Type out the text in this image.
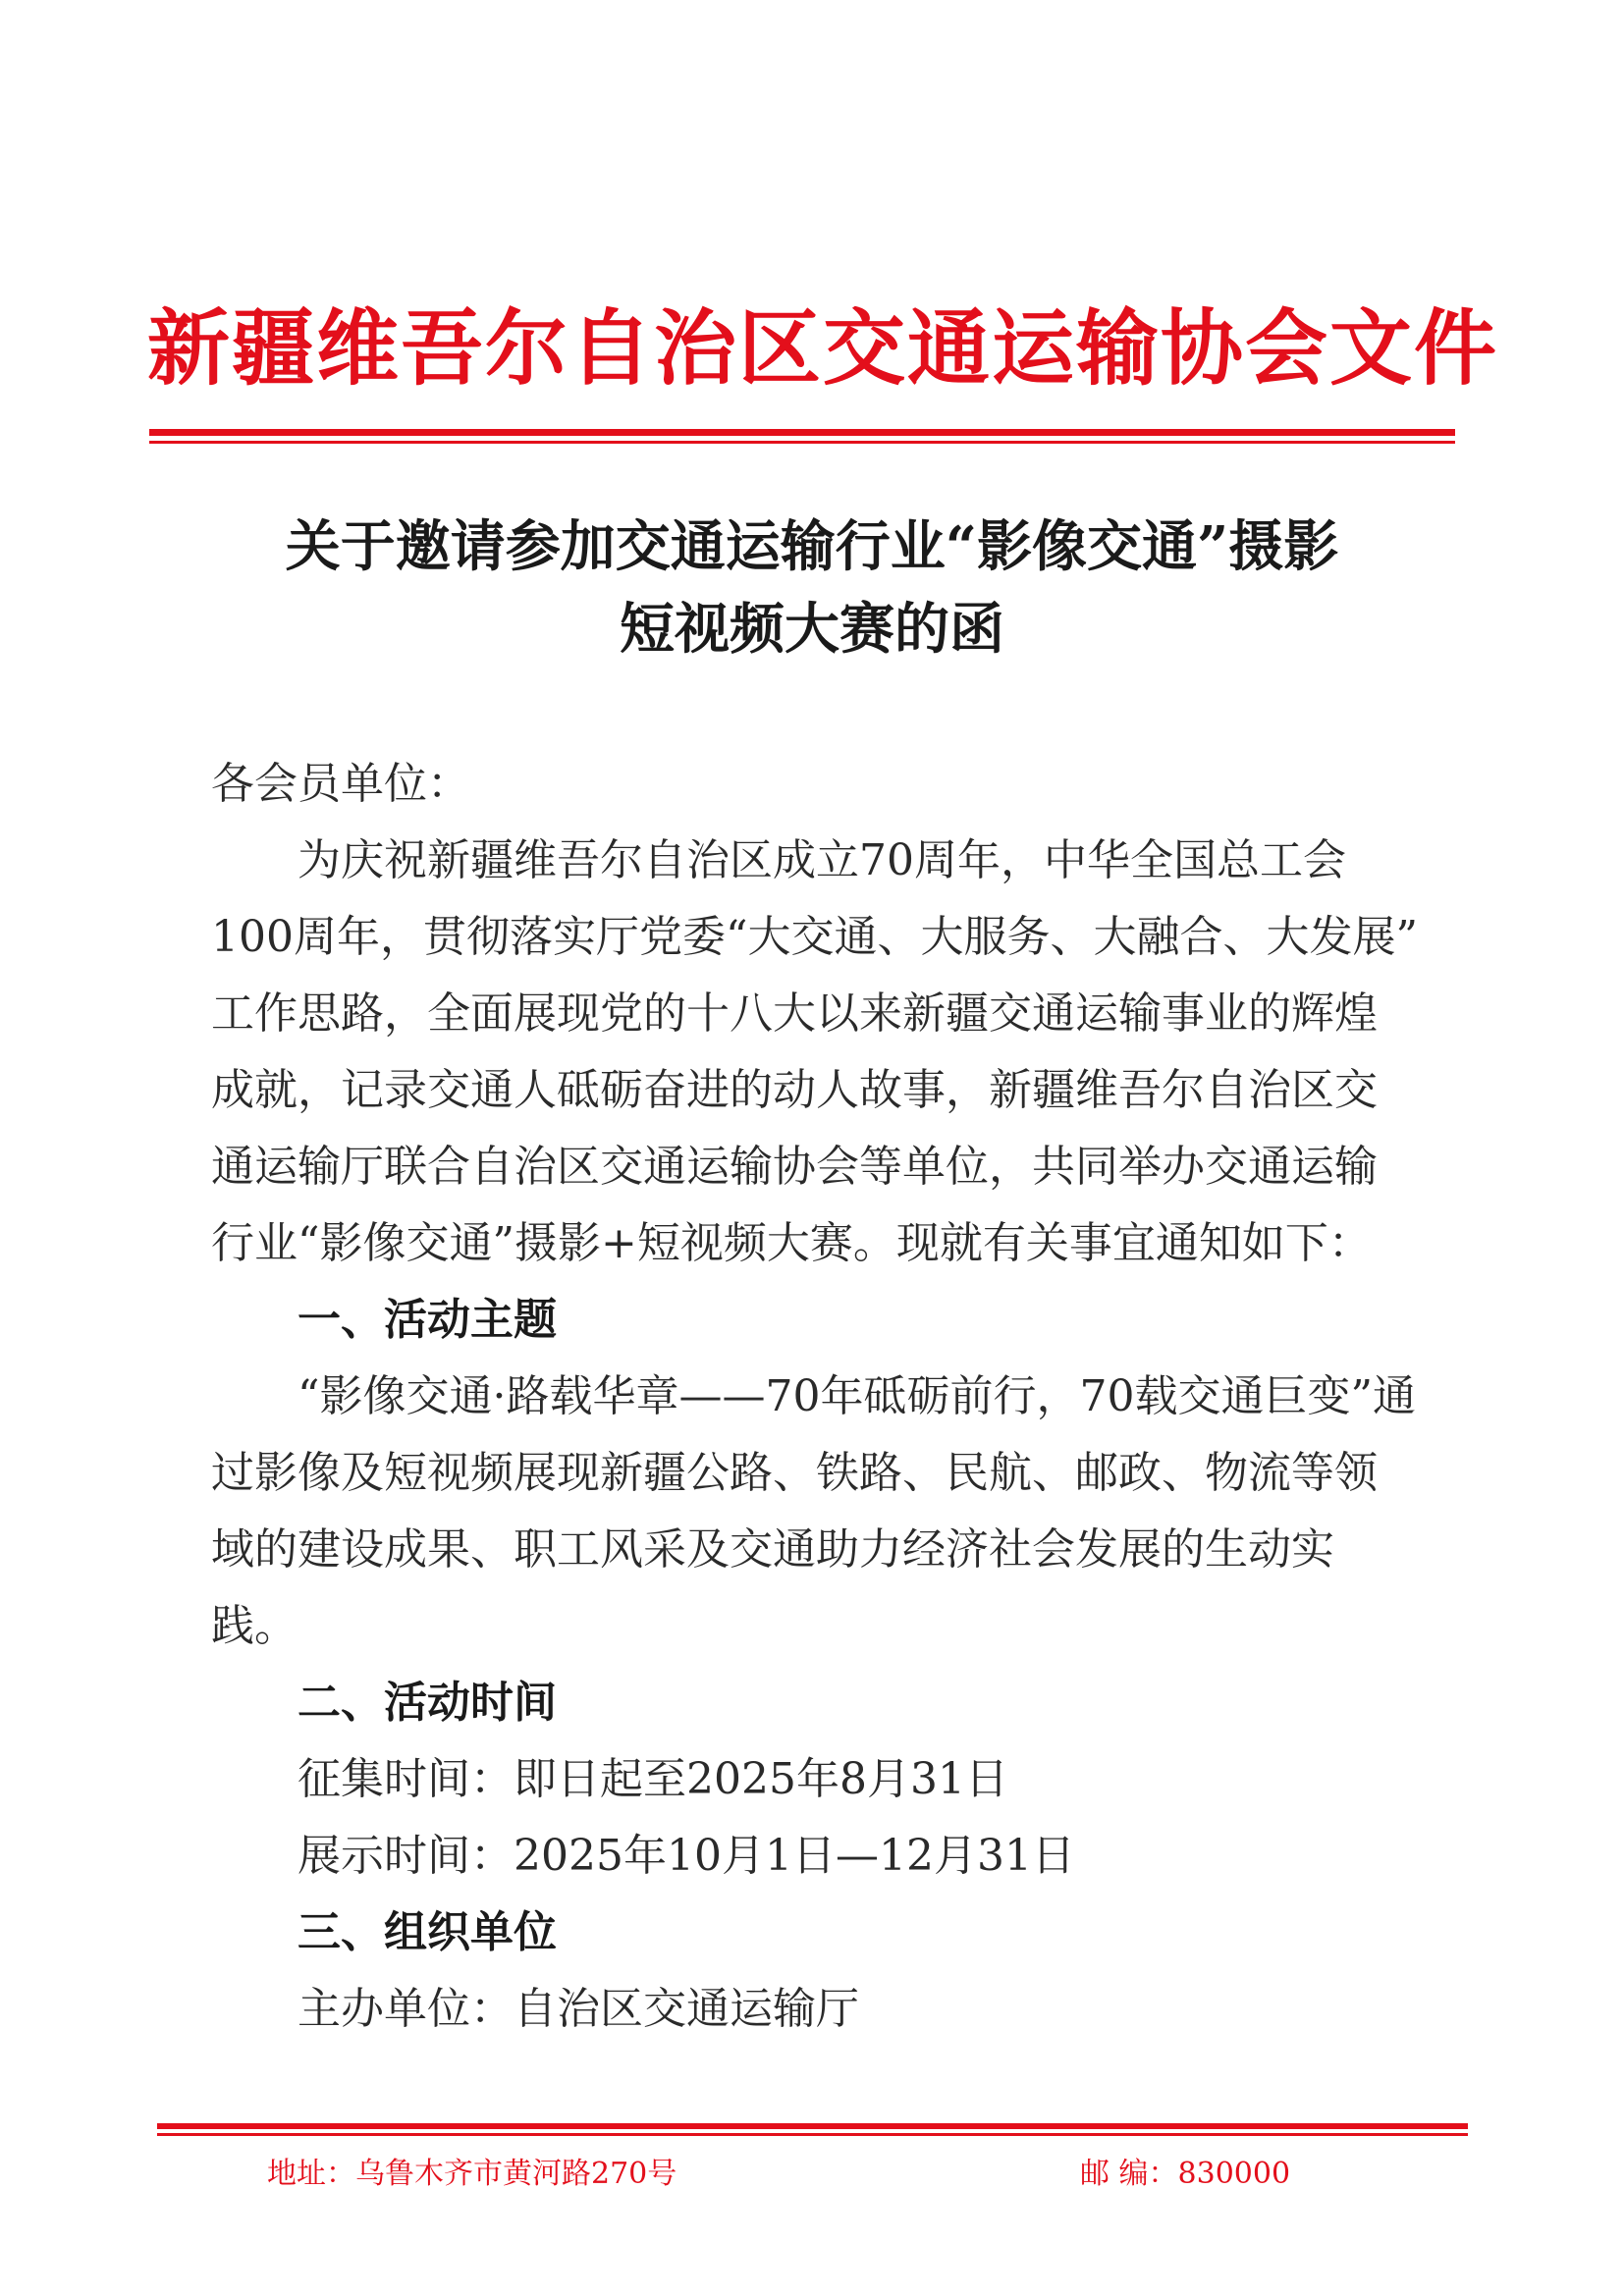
新疆维吾尔自治区交通运输协会文件
关于邀请参加交通运输行业“影像交通”摄影
短视频大赛的函
各会员单位：
为庆祝新疆维吾尔自治区成立70周年，中华全国总工会
100周年，贯彻落实厅党委“大交通、大服务、大融合、大发展”
工作思路，全面展现党的十八大以来新疆交通运输事业的辉煌
成就，记录交通人砥砺奋进的动人故事，新疆维吾尔自治区交
通运输厅联合自治区交通运输协会等单位，共同举办交通运输
行业“影像交通”摄影+短视频大赛。现就有关事宜通知如下：
一、活动主题
“影像交通·路载华章——70年砥砺前行，70载交通巨变”通
过影像及短视频展现新疆公路、铁路、民航、邮政、物流等领
域的建设成果、职工风采及交通助力经济社会发展的生动实
践。
二、活动时间
征集时间：即日起至2025年8月31日
展示时间：2025年10月1日—12月31日
三、组织单位
主办单位：自治区交通运输厅
地址：乌鲁木齐市黄河路270号	邮 编：830000
